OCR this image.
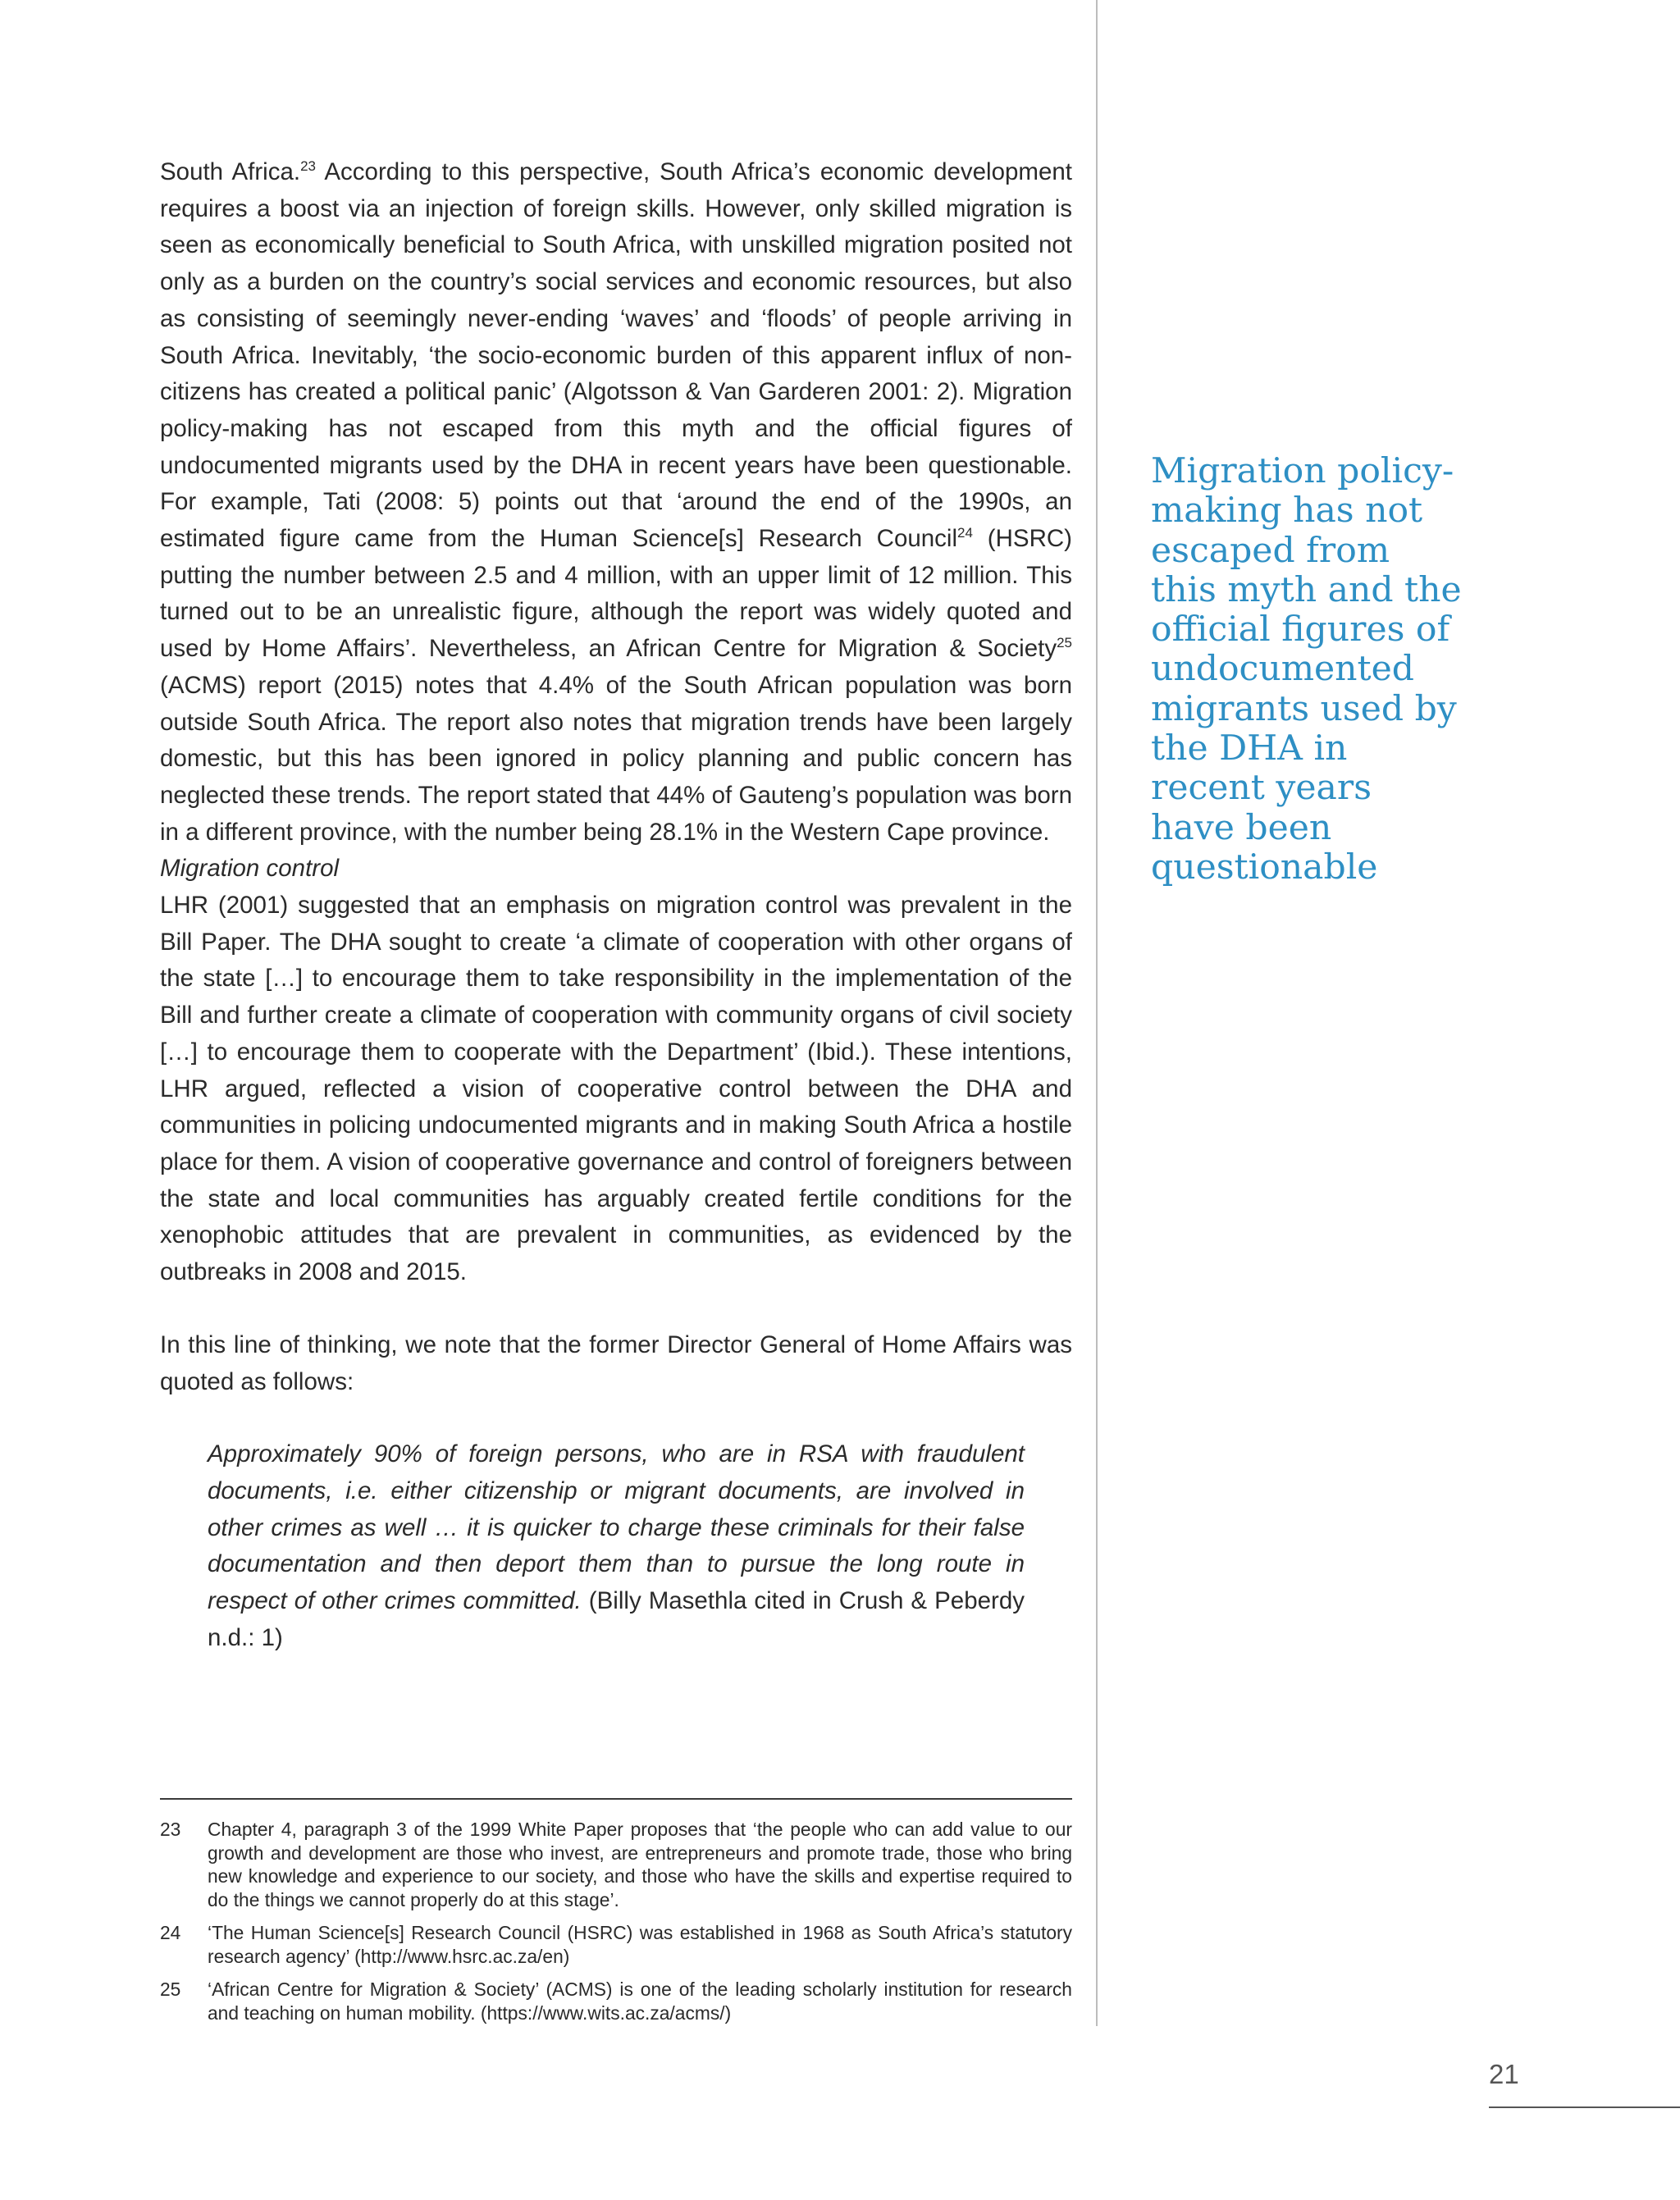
South Africa.$^{23}$ According to this perspective, South Africa’s economic development requires a boost via an injection of foreign skills. However, only skilled migration is seen as economically beneficial to South Africa, with unskilled migration posited not only as a burden on the country’s social services and economic resources, but also as consisting of seemingly never-ending ‘waves’ and ‘floods’ of people arriving in South Africa. Inevitably, ‘the socio-economic burden of this apparent influx of non-citizens has created a political panic’ (Algotsson & Van Garderen 2001: 2). Migration policy-making has not escaped from this myth and the official figures of undocumented migrants used by the DHA in recent years have been questionable. For example, Tati (2008: 5) points out that ‘around the end of the 1990s, an estimated figure came from the Human Science[s] Research Council$^{24}$ (HSRC) putting the number between 2.5 and 4 million, with an upper limit of 12 million. This turned out to be an unrealistic figure, although the report was widely quoted and used by Home Affairs’. Nevertheless, an African Centre for Migration & Society$^{25}$ (ACMS) report (2015) notes that 4.4% of the South African population was born outside South Africa. The report also notes that migration trends have been largely domestic, but this has been ignored in policy planning and public concern has neglected these trends. The report stated that 44% of Gauteng’s population was born in a different province, with the number being 28.1% in the Western Cape province.

Migration control

LHR (2001) suggested that an emphasis on migration control was prevalent in the Bill Paper. The DHA sought to create ‘a climate of cooperation with other organs of the state […] to encourage them to take responsibility in the implementation of the Bill and further create a climate of cooperation with community organs of civil society […] to encourage them to cooperate with the Department’ (Ibid.). These intentions, LHR argued, reflected a vision of cooperative control between the DHA and communities in policing undocumented migrants and in making South Africa a hostile place for them. A vision of cooperative governance and control of foreigners between the state and local communities has arguably created fertile conditions for the xenophobic attitudes that are prevalent in communities, as evidenced by the outbreaks in 2008 and 2015.

In this line of thinking, we note that the former Director General of Home Affairs was quoted as follows:

Approximately 90% of foreign persons, who are in RSA with fraudulent documents, i.e. either citizenship or migrant documents, are involved in other crimes as well … it is quicker to charge these criminals for their false documentation and then deport them than to pursue the long route in respect of other crimes committed. (Billy Masethla cited in Crush & Peberdy n.d.: 1)

Migration policy-making has not escaped from this myth and the official figures of undocumented migrants used by the DHA in recent years have been questionable
23	Chapter 4, paragraph 3 of the 1999 White Paper proposes that ‘the people who can add value to our growth and development are those who invest, are entrepreneurs and promote trade, those who bring new knowledge and experience to our society, and those who have the skills and expertise required to do the things we cannot properly do at this stage’.
24	‘The Human Science[s] Research Council (HSRC) was established in 1968 as South Africa’s statutory research agency’ (http://www.hsrc.ac.za/en)
25	‘African Centre for Migration & Society’ (ACMS) is one of the leading scholarly institution for research and teaching on human mobility. (https://www.wits.ac.za/acms/)
21
